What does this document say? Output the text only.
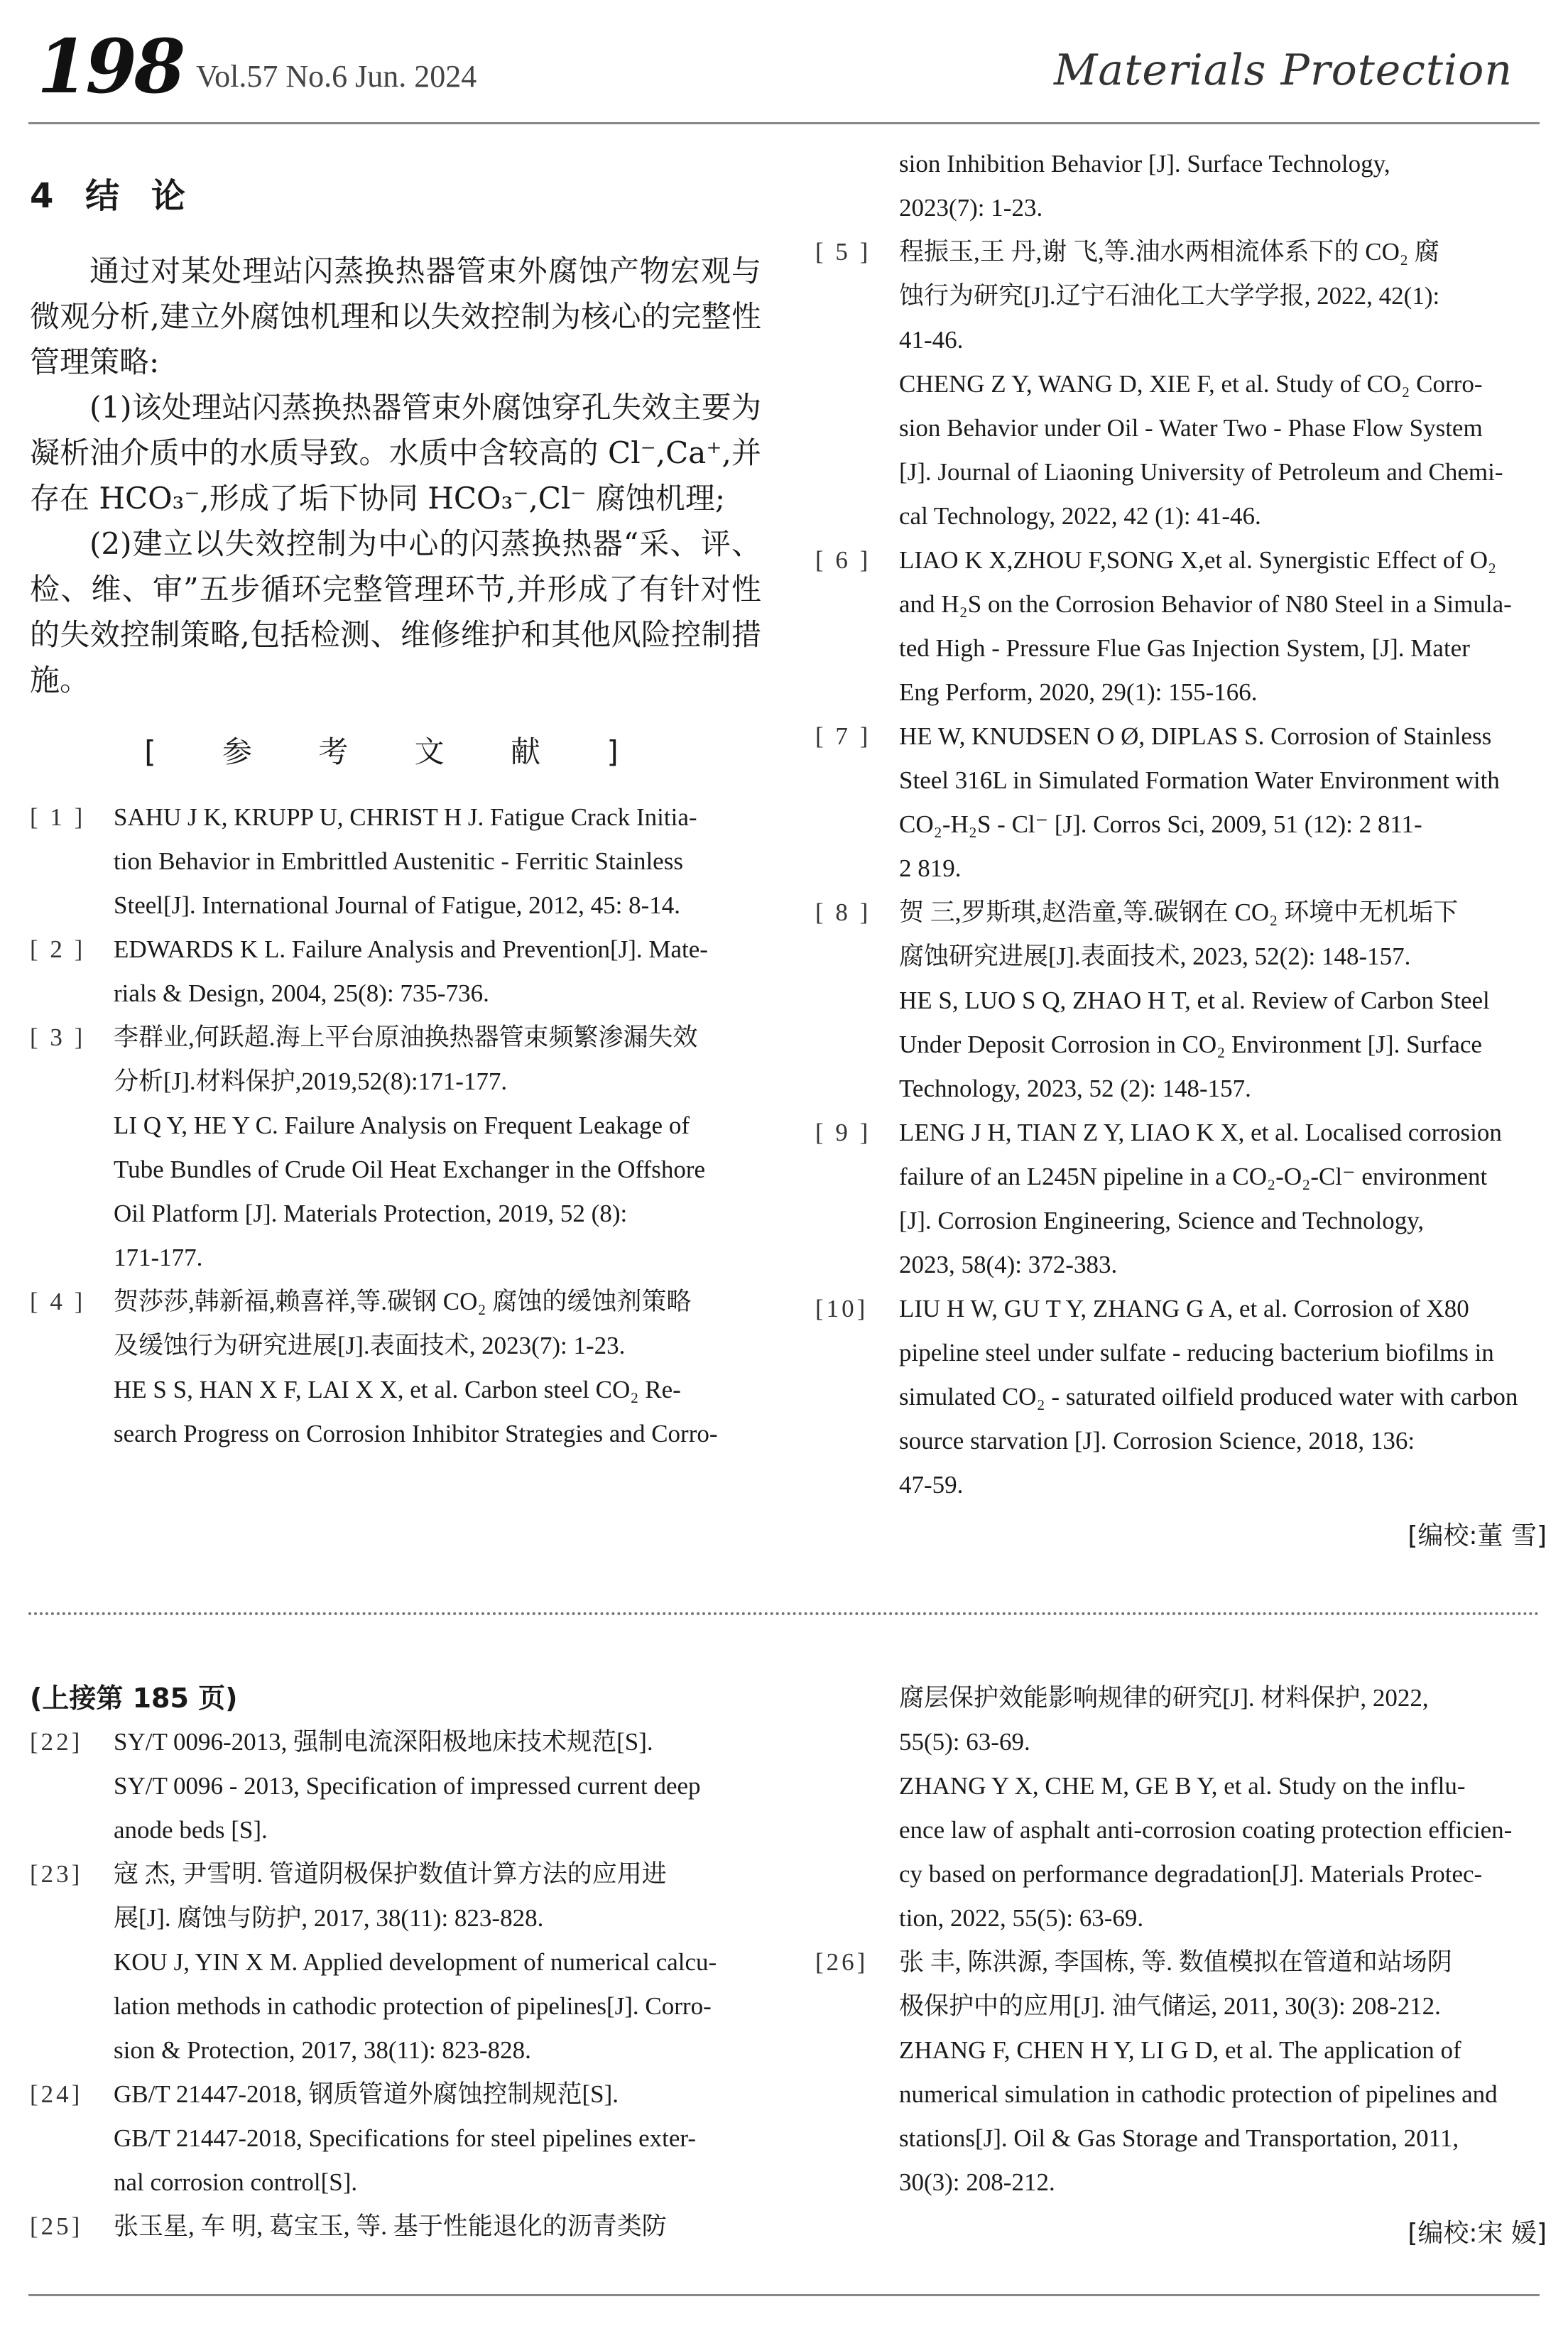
198 Vol.57 No.6 Jun. 2024	Materials Protection
4 结 论

通过对某处理站闪蒸换热器管束外腐蚀产物宏观与微观分析,建立外腐蚀机理和以失效控制为核心的完整性管理策略:

(1)该处理站闪蒸换热器管束外腐蚀穿孔失效主要为凝析油介质中的水质导致。水质中含较高的 Cl⁻,Ca⁺,并存在 HCO₃⁻,形成了垢下协同 HCO₃⁻,Cl⁻ 腐蚀机理;

(2)建立以失效控制为中心的闪蒸换热器“采、评、检、维、审”五步循环完整管理环节,并形成了有针对性的失效控制策略,包括检测、维修维护和其他风险控制措施。

[ 参 考 文 献 ]
[ 1 ] SAHU J K, KRUPP U, CHRIST H J. Fatigue Crack Initia-
tion Behavior in Embrittled Austenitic - Ferritic Stainless
Steel[J]. International Journal of Fatigue, 2012, 45: 8-14.
[ 2 ] EDWARDS K L. Failure Analysis and Prevention[J]. Mate-
rials & Design, 2004, 25(8): 735-736.
[ 3 ] 李群业,何跃超.海上平台原油换热器管束频繁渗漏失效
分析[J].材料保护,2019,52(8):171-177.
LI Q Y, HE Y C. Failure Analysis on Frequent Leakage of
Tube Bundles of Crude Oil Heat Exchanger in the Offshore
Oil Platform [J]. Materials Protection, 2019, 52 (8):
171-177.
[ 4 ] 贺莎莎,韩新福,赖喜祥,等.碳钢 CO₂ 腐蚀的缓蚀剂策略
及缓蚀行为研究进展[J].表面技术, 2023(7): 1-23.
HE S S, HAN X F, LAI X X, et al. Carbon steel CO₂ Re-
search Progress on Corrosion Inhibitor Strategies and Corro-
sion Inhibition Behavior [J]. Surface Technology,
2023(7): 1-23.
[ 5 ] 程振玉,王 丹,谢 飞,等.油水两相流体系下的 CO₂ 腐
蚀行为研究[J].辽宁石油化工大学学报, 2022, 42(1):
41-46.
CHENG Z Y, WANG D, XIE F, et al. Study of CO₂ Corro-
sion Behavior under Oil - Water Two - Phase Flow System
[J]. Journal of Liaoning University of Petroleum and Chemi-
cal Technology, 2022, 42 (1): 41-46.
[ 6 ] LIAO K X,ZHOU F,SONG X,et al. Synergistic Effect of O₂
and H₂S on the Corrosion Behavior of N80 Steel in a Simula-
ted High - Pressure Flue Gas Injection System, [J]. Mater
Eng Perform, 2020, 29(1): 155-166.
[ 7 ] HE W, KNUDSEN O Ø, DIPLAS S. Corrosion of Stainless
Steel 316L in Simulated Formation Water Environment with
CO₂-H₂S - Cl⁻ [J]. Corros Sci, 2009, 51 (12): 2 811-
2 819.
[ 8 ] 贺 三,罗斯琪,赵浩童,等.碳钢在 CO₂ 环境中无机垢下
腐蚀研究进展[J].表面技术, 2023, 52(2): 148-157.
HE S, LUO S Q, ZHAO H T, et al. Review of Carbon Steel
Under Deposit Corrosion in CO₂ Environment [J]. Surface
Technology, 2023, 52 (2): 148-157.
[ 9 ] LENG J H, TIAN Z Y, LIAO K X, et al. Localised corrosion
failure of an L245N pipeline in a CO₂-O₂-Cl⁻ environment
[J]. Corrosion Engineering, Science and Technology,
2023, 58(4): 372-383.
[10] LIU H W, GU T Y, ZHANG G A, et al. Corrosion of X80
pipeline steel under sulfate - reducing bacterium biofilms in
simulated CO₂ - saturated oilfield produced water with carbon
source starvation [J]. Corrosion Science, 2018, 136:
47-59.
[编校:董 雪]
(上接第 185 页)
[22] SY/T 0096-2013, 强制电流深阳极地床技术规范[S].
SY/T 0096 - 2013, Specification of impressed current deep
anode beds [S].
[23] 寇 杰, 尹雪明. 管道阴极保护数值计算方法的应用进
展[J]. 腐蚀与防护, 2017, 38(11): 823-828.
KOU J, YIN X M. Applied development of numerical calcu-
lation methods in cathodic protection of pipelines[J]. Corro-
sion & Protection, 2017, 38(11): 823-828.
[24] GB/T 21447-2018, 钢质管道外腐蚀控制规范[S].
GB/T 21447-2018, Specifications for steel pipelines exter-
nal corrosion control[S].
[25] 张玉星, 车 明, 葛宝玉, 等. 基于性能退化的沥青类防
腐层保护效能影响规律的研究[J]. 材料保护, 2022,
55(5): 63-69.
ZHANG Y X, CHE M, GE B Y, et al. Study on the influ-
ence law of asphalt anti-corrosion coating protection efficien-
cy based on performance degradation[J]. Materials Protec-
tion, 2022, 55(5): 63-69.
[26] 张 丰, 陈洪源, 李国栋, 等. 数值模拟在管道和站场阴
极保护中的应用[J]. 油气储运, 2011, 30(3): 208-212.
ZHANG F, CHEN H Y, LI G D, et al. The application of
numerical simulation in cathodic protection of pipelines and
stations[J]. Oil & Gas Storage and Transportation, 2011,
30(3): 208-212.
[编校:宋 媛]
